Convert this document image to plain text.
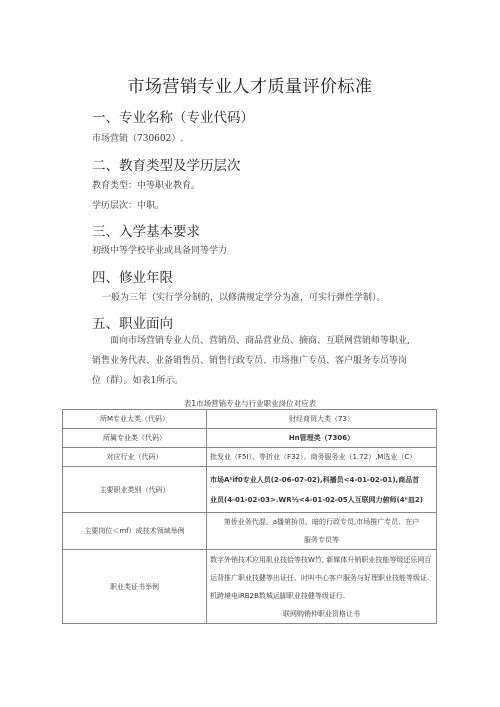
市场营销专业人才质量评价标准
一、专业名称（专业代码）
市场营销（730602）.
二、教育类型及学历层次
教育类型：中等职业教育。
学历层次：中职。
三、入学基本要求
初级中等学校毕业或具备同等学力
四、修业年限
一般为三年（实行学分制的，以修满规定学分为准，可实行弹性学制）。
五、职业面向
面向市场营销专业人员、营销员、商品营业员、摘商、互联网营销师等职业,销售业务代表、业备销售员、销售行政专员、市场推广专员、客户服务专员等岗位（群）。如表1所示。
表1市场营销专业与行业职业岗位对应表
所M专业大类（代码）	财经商贸大类（73）

所属专业类（代码）	Hn管理类（7306）

对应行业（代码）	批发业（F5I）、等折业（F32）、商务服务业（1.72）,M选业（C）

主要职业类别（代码）	市场A¹if0专业人员(2-06-07-02),科播员<4-01-02-01),商品首
业员(4-01-02-03>.WR½<4-01-02-05人互联网力俯师(4ⁿ皿2)

主要岗位＜mf）成技术领域举例	第侨业务代混、a播第拚员、暗的行政专员,市场推广专员、在户
服务专员等

职业类证书举例	数字外销技术应用肌业技恰等技W竹, 新媒体升销职业技能等级还乐网百
运背推广职业技健等出证任、时叫中心客户服务与好理职业技能等级证.
机跨境电iRB2B数城运脚职业技健等级证行.
联网购销仲职业资格让书
